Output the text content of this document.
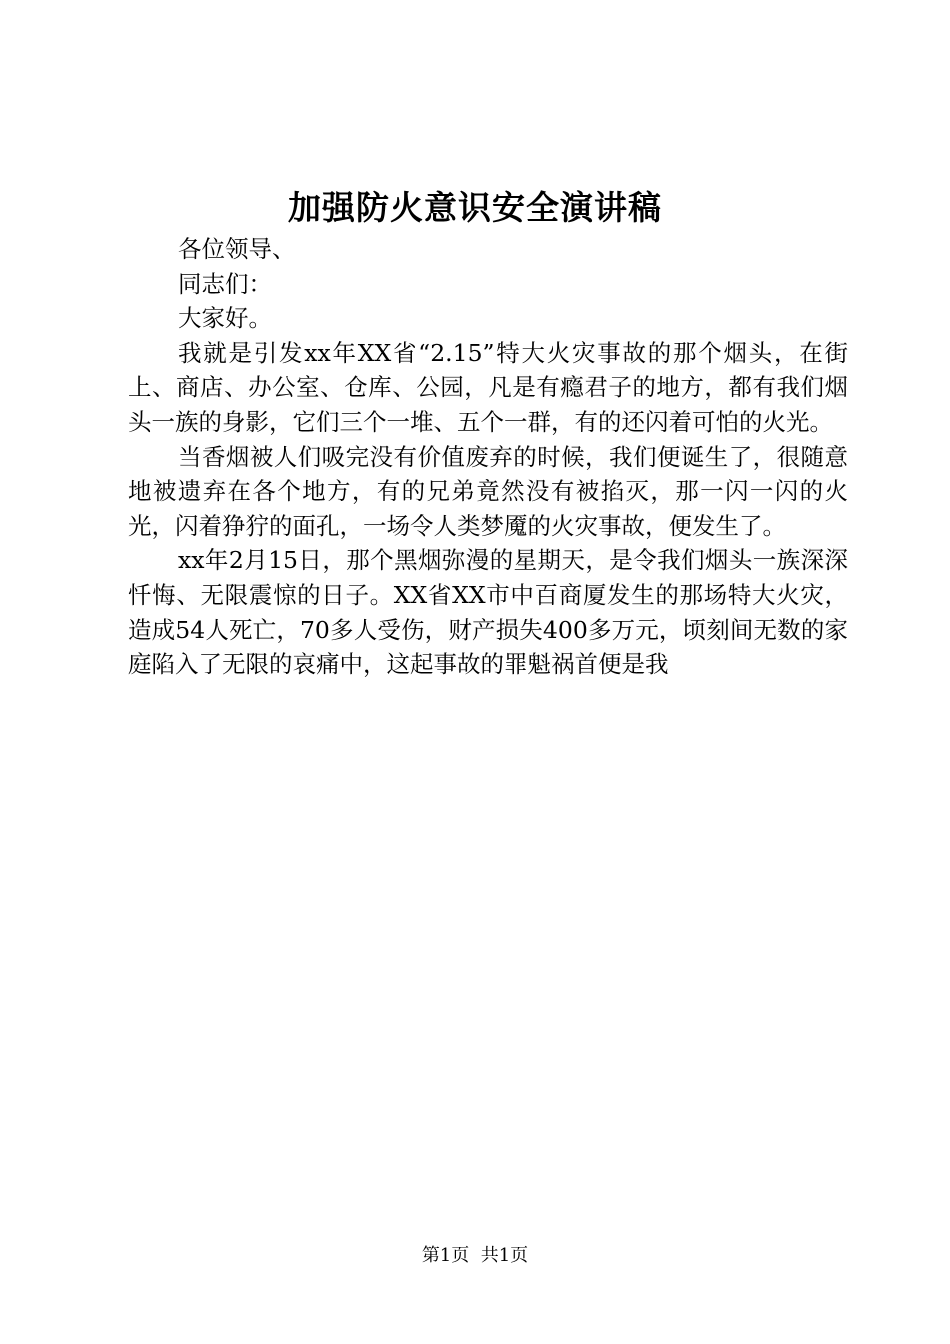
加强防火意识安全演讲稿

各位领导、

同志们：

大家好。

我就是引发xx年XX省“2.15”特大火灾事故的那个烟头，在街上、商店、办公室、仓库、公园，凡是有瘾君子的地方，都有我们烟头一族的身影，它们三个一堆、五个一群，有的还闪着可怕的火光。

当香烟被人们吸完没有价值废弃的时候，我们便诞生了，很随意地被遗弃在各个地方，有的兄弟竟然没有被掐灭，那一闪一闪的火光，闪着狰狞的面孔，一场令人类梦魇的火灾事故，便发生了。

xx年2月15日，那个黑烟弥漫的星期天，是令我们烟头一族深深忏悔、无限震惊的日子。XX省XX市中百商厦发生的那场特大火灾，造成54人死亡，70多人受伤，财产损失400多万元，顷刻间无数的家庭陷入了无限的哀痛中，这起事故的罪魁祸首便是我

第1页  共1页
